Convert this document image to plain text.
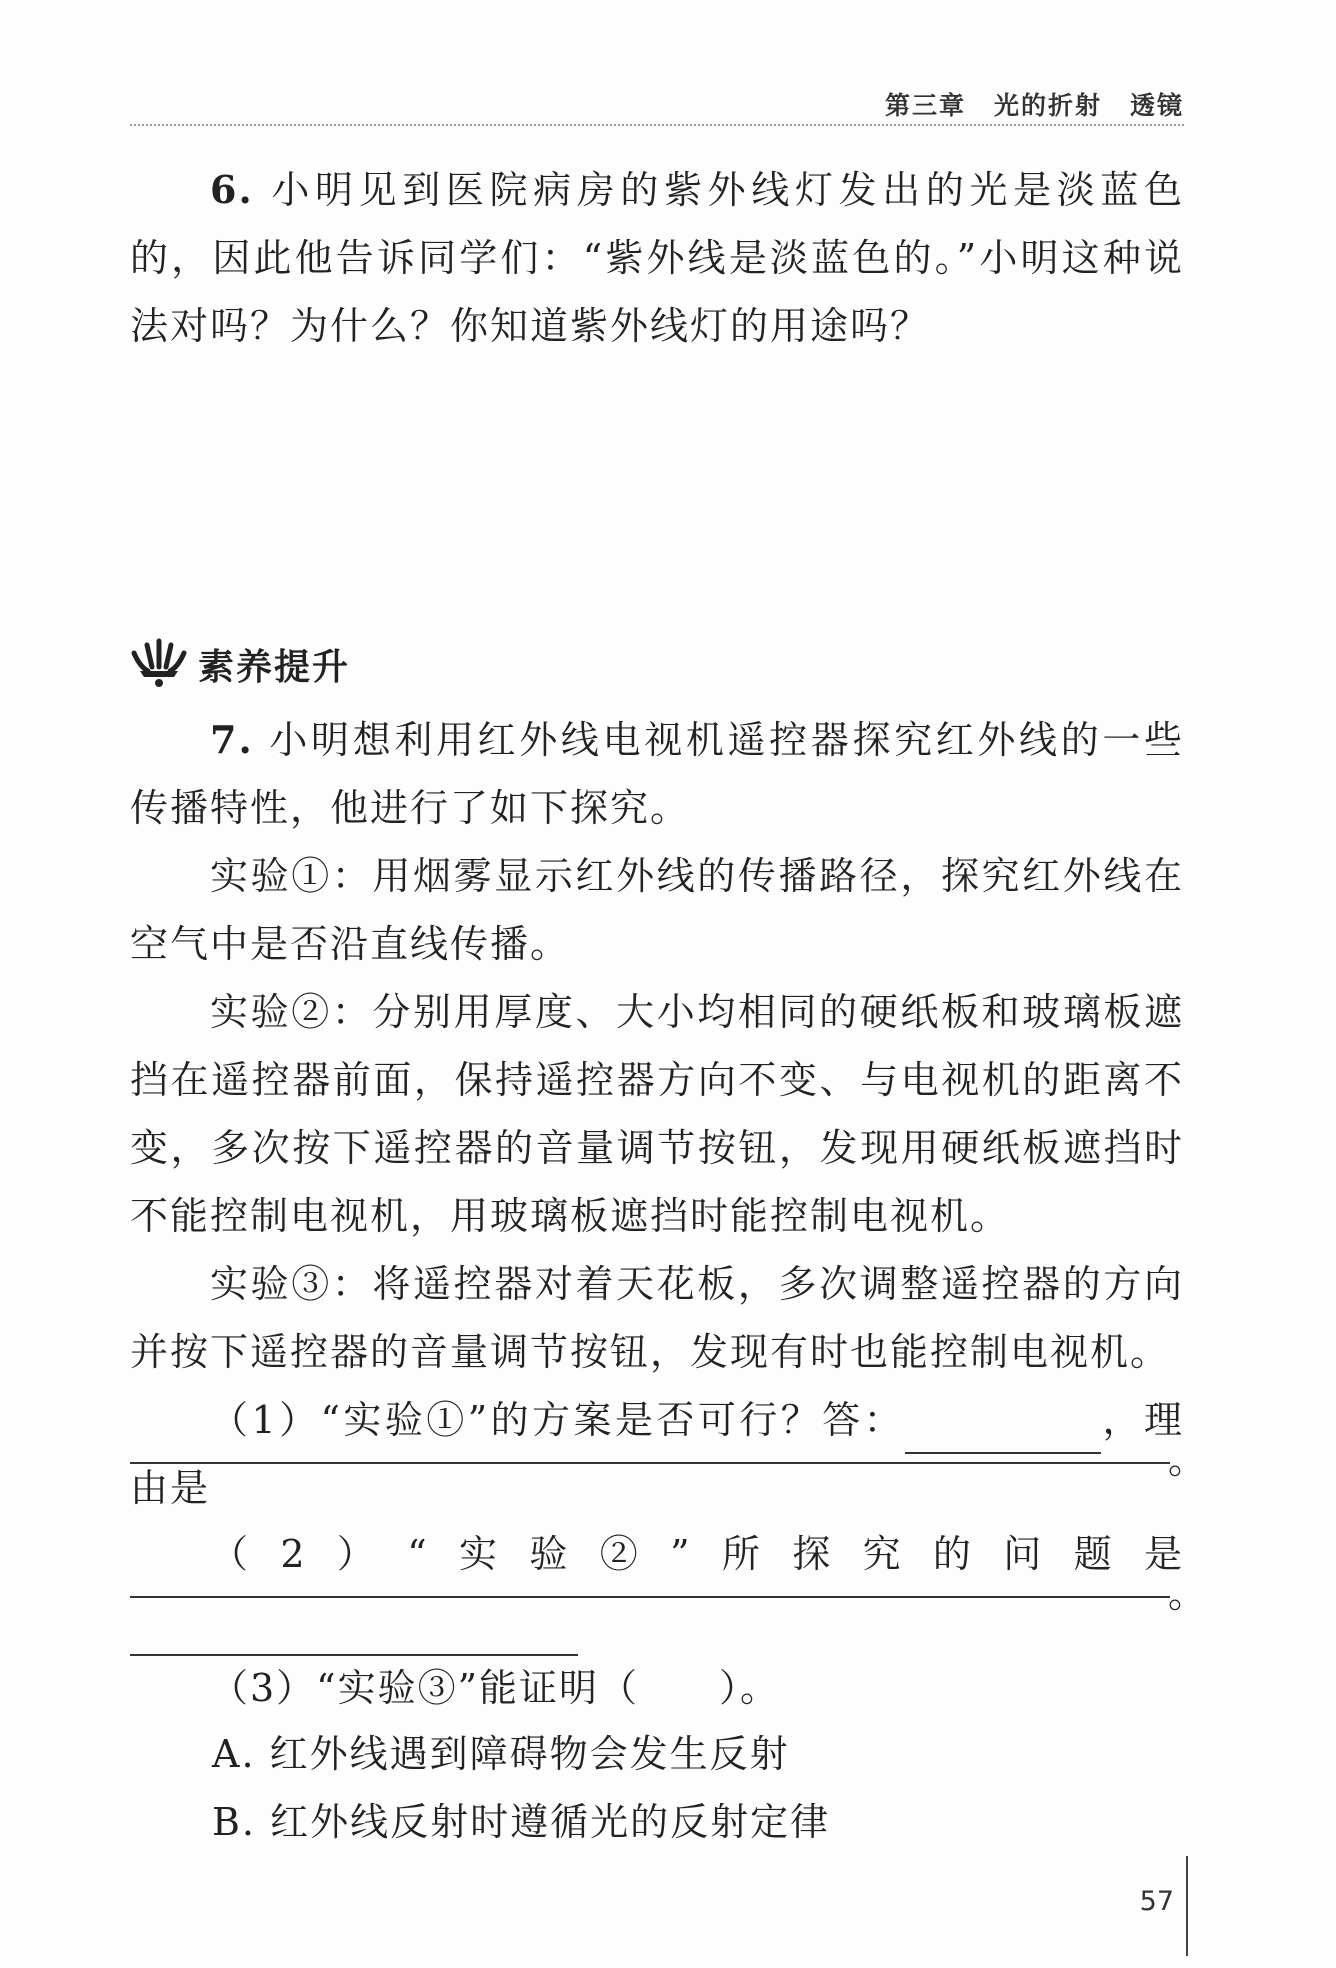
第三章 光的折射 透镜

6. 小明见到医院病房的紫外线灯发出的光是淡蓝色的，因此他告诉同学们：“紫外线是淡蓝色的。”小明这种说法对吗？为什么？你知道紫外线灯的用途吗？

素养提升

7. 小明想利用红外线电视机遥控器探究红外线的一些传播特性，他进行了如下探究。

实验①：用烟雾显示红外线的传播路径，探究红外线在空气中是否沿直线传播。

实验②：分别用厚度、大小均相同的硬纸板和玻璃板遮挡在遥控器前面，保持遥控器方向不变、与电视机的距离不变，多次按下遥控器的音量调节按钮，发现用硬纸板遮挡时不能控制电视机，用玻璃板遮挡时能控制电视机。

实验③：将遥控器对着天花板，多次调整遥控器的方向并按下遥控器的音量调节按钮，发现有时也能控制电视机。

（1）“实验①”的方案是否可行？答：	，理由是

。

（2）“实验②”所探究的问题是

。

（3）“实验③”能证明（　　）。

A. 红外线遇到障碍物会发生反射
B. 红外线反射时遵循光的反射定律
57
